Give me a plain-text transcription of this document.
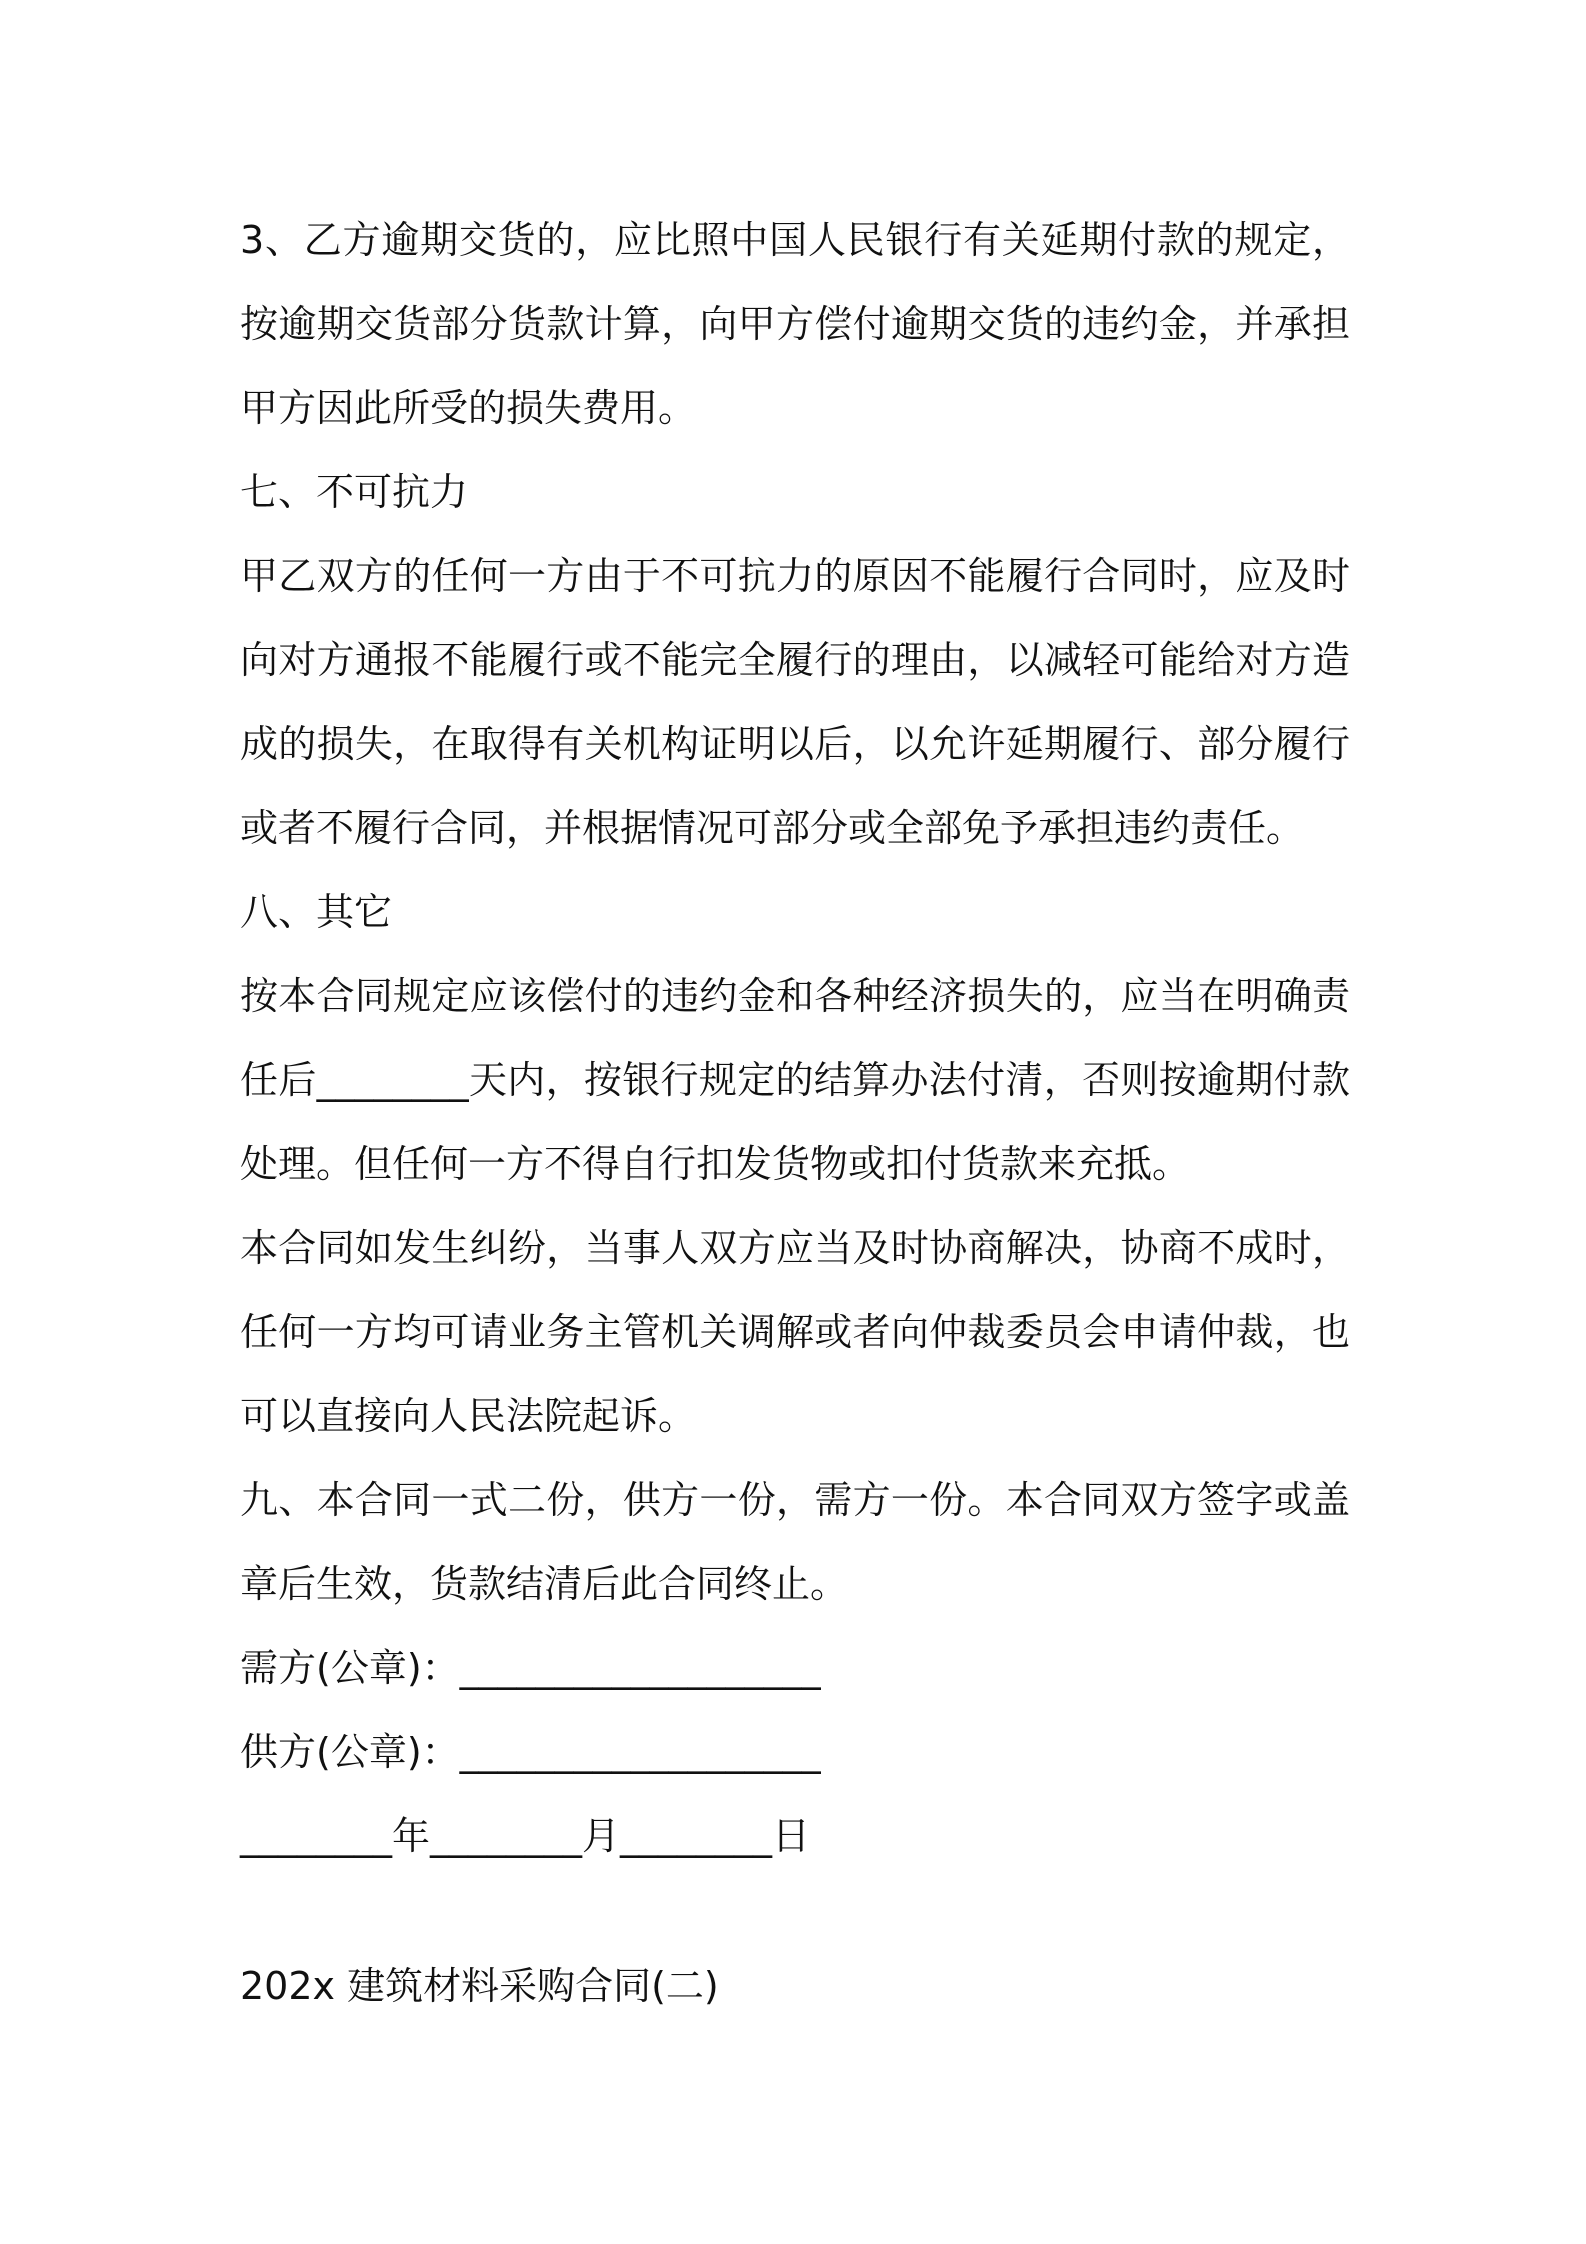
3、乙方逾期交货的，应比照中国人民银行有关延期付款的规定，按逾期交货部分货款计算，向甲方偿付逾期交货的违约金，并承担甲方因此所受的损失费用。

七、不可抗力

甲乙双方的任何一方由于不可抗力的原因不能履行合同时，应及时向对方通报不能履行或不能完全履行的理由，以减轻可能给对方造成的损失，在取得有关机构证明以后，以允许延期履行、部分履行或者不履行合同，并根据情况可部分或全部免予承担违约责任。

八、其它

按本合同规定应该偿付的违约金和各种经济损失的，应当在明确责任后________天内，按银行规定的结算办法付清，否则按逾期付款处理。但任何一方不得自行扣发货物或扣付货款来充抵。

本合同如发生纠纷，当事人双方应当及时协商解决，协商不成时，任何一方均可请业务主管机关调解或者向仲裁委员会申请仲裁，也可以直接向人民法院起诉。

九、本合同一式二份，供方一份，需方一份。本合同双方签字或盖章后生效，货款结清后此合同终止。

需方(公章)：___________________

供方(公章)：___________________

________年________月________日

202x 建筑材料采购合同(二)
